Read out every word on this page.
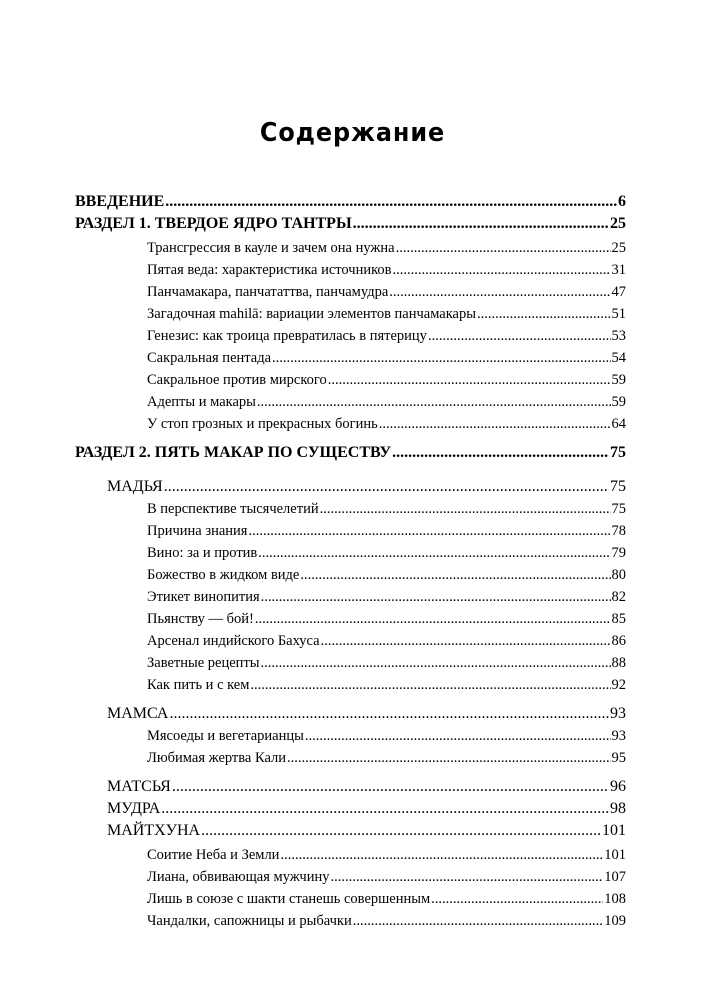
Содержание
ВВЕДЕНИЕ .....	6
РАЗДЕЛ 1. ТВЕРДОЕ ЯДРО ТАНТРЫ .....	25
Трансгрессия в кауле и зачем она нужна .....	25
Пятая веда: характеристика источников .....	31
Панчамакара, панчататтва, панчамудра .....	47
Загадочная mahilā: вариации элементов панчамакары .....	51
Генезис: как троица превратилась в пятерицу .....	53
Сакральная пентада .....	54
Сакральное против мирского .....	59
Адепты и макары .....	59
У стоп грозных и прекрасных богинь .....	64
РАЗДЕЛ 2. ПЯТЬ МАКАР ПО СУЩЕСТВУ .....	75
МАДЬЯ .....	75
В перспективе тысячелетий .....	75
Причина знания .....	78
Вино: за и против .....	79
Божество в жидком виде .....	80
Этикет винопития .....	82
Пьянству — бой! .....	85
Арсенал индийского Бахуса .....	86
Заветные рецепты .....	88
Как пить и с кем .....	92
МАМСА .....	93
Мясоеды и вегетарианцы .....	93
Любимая жертва Кали .....	95
МАТСЬЯ .....	96
МУДРА .....	98
МАЙТХУНА .....	101
Соитие Неба и Земли .....	101
Лиана, обвивающая мужчину .....	107
Лишь в союзе с шакти станешь совершенным .....	108
Чандалки, сапожницы и рыбачки .....	109
